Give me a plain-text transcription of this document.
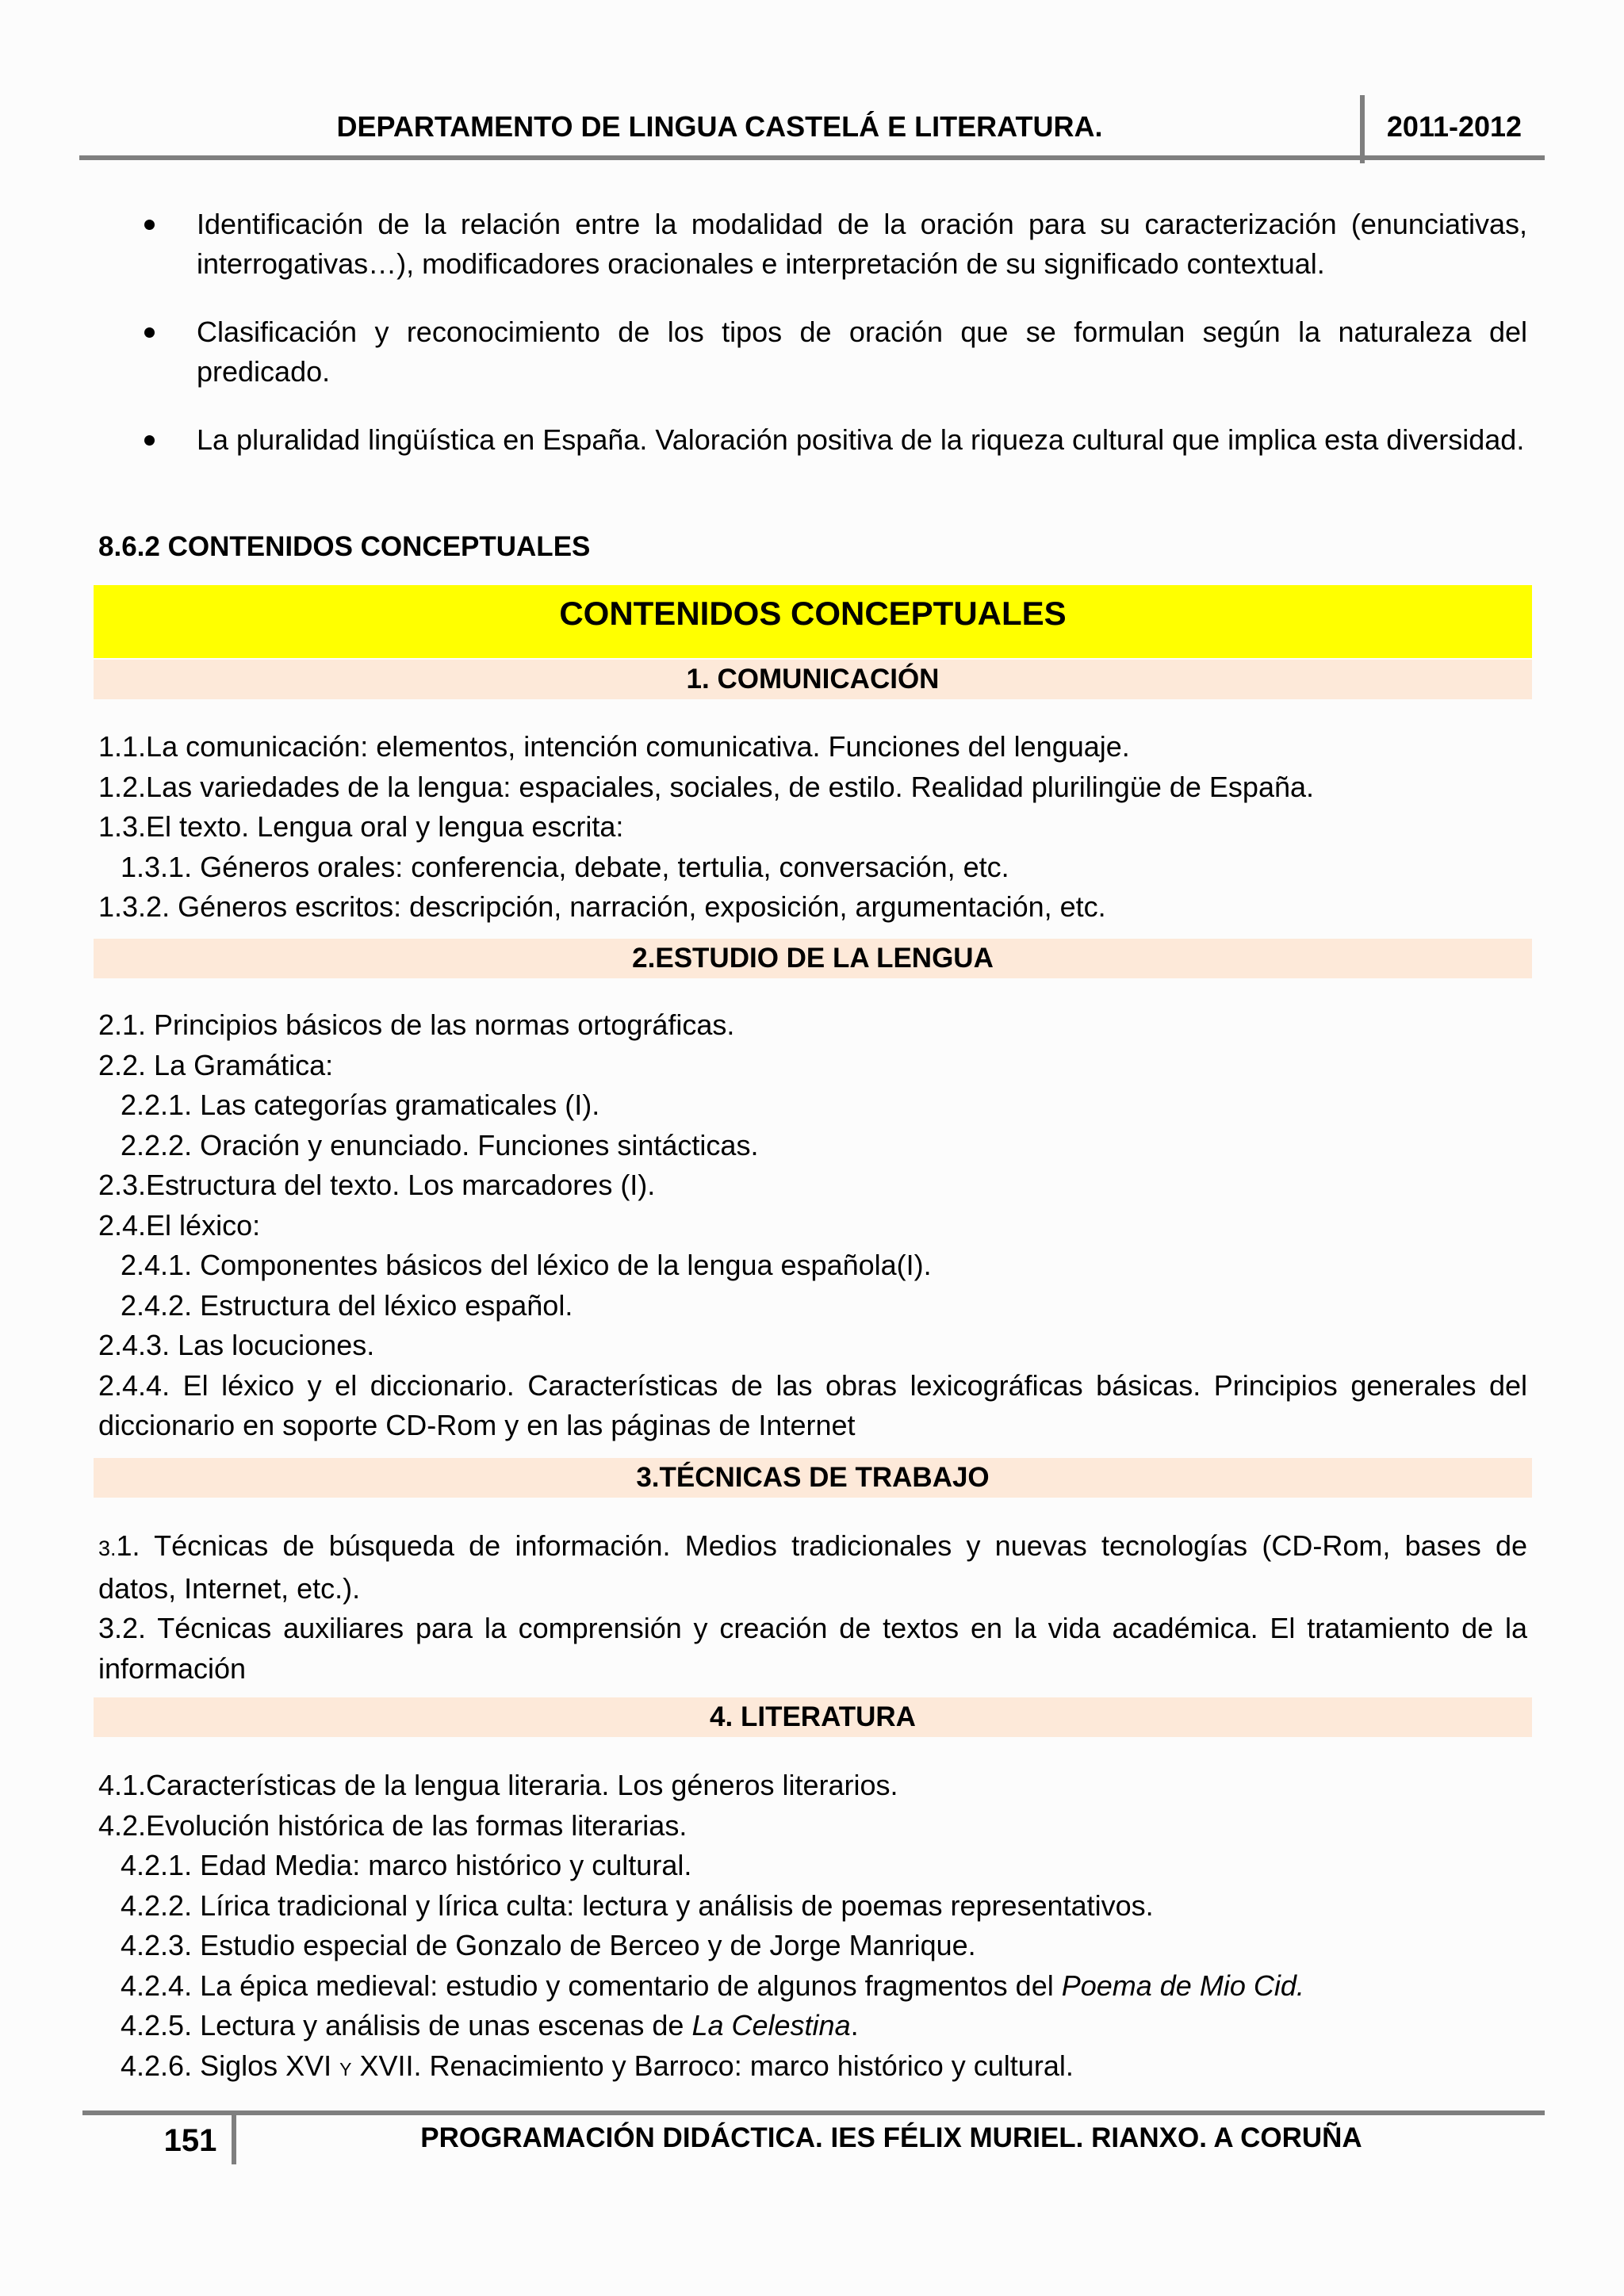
DEPARTAMENTO DE LINGUA CASTELÁ E LITERATURA.	2011-2012
Identificación de la relación entre la modalidad de la oración para su caracterización (enunciativas, interrogativas…), modificadores oracionales e interpretación de su significado contextual.
Clasificación y reconocimiento de los tipos de oración que se formulan según la naturaleza del predicado.
La pluralidad lingüística en España. Valoración positiva de la riqueza cultural que implica esta diversidad.
8.6.2 CONTENIDOS CONCEPTUALES
CONTENIDOS CONCEPTUALES
1. COMUNICACIÓN
1.1.La comunicación: elementos, intención comunicativa. Funciones del lenguaje.
1.2.Las variedades de la lengua: espaciales, sociales, de estilo. Realidad plurilingüe de España.
1.3.El texto. Lengua oral y lengua escrita:
1.3.1. Géneros orales: conferencia, debate, tertulia, conversación, etc.
1.3.2. Géneros escritos: descripción, narración, exposición, argumentación, etc.
2.ESTUDIO DE LA LENGUA
2.1. Principios básicos de las normas ortográficas.
2.2. La Gramática:
2.2.1. Las categorías gramaticales (I).
2.2.2. Oración y enunciado. Funciones sintácticas.
2.3.Estructura del texto. Los marcadores (I).
2.4.El léxico:
2.4.1. Componentes básicos del léxico de la lengua española(I).
2.4.2. Estructura del léxico español.
2.4.3. Las locuciones.
2.4.4. El léxico y el diccionario. Características de las obras lexicográficas básicas. Principios generales del diccionario en soporte CD-Rom y en las páginas de Internet
3.TÉCNICAS DE TRABAJO
3.1. Técnicas de búsqueda de información. Medios tradicionales y nuevas tecnologías (CD-Rom, bases de datos, Internet, etc.).
3.2. Técnicas auxiliares para la comprensión y creación de textos en la vida académica. El tratamiento de la información
4. LITERATURA
4.1.Características de la lengua literaria. Los géneros literarios.
4.2.Evolución histórica de las formas literarias.
4.2.1. Edad Media: marco histórico y cultural.
4.2.2. Lírica tradicional y lírica culta: lectura y análisis de poemas representativos.
4.2.3. Estudio especial de Gonzalo de Berceo y de Jorge Manrique.
4.2.4. La épica medieval: estudio y comentario de algunos fragmentos del Poema de Mio Cid.
4.2.5. Lectura y análisis de unas escenas de La Celestina.
4.2.6. Siglos XVI Y XVII. Renacimiento y Barroco: marco histórico y cultural.
151	PROGRAMACIÓN DIDÁCTICA. IES FÉLIX MURIEL. RIANXO. A CORUÑA
